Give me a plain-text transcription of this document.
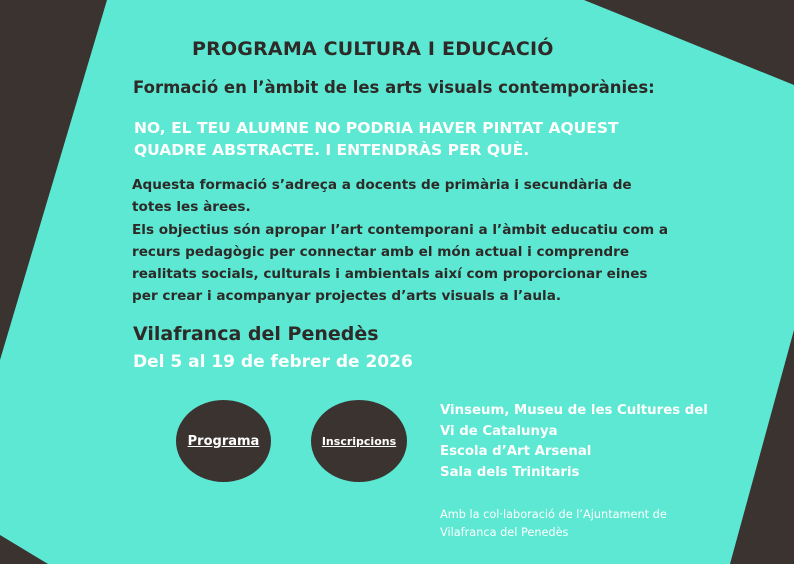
PROGRAMA CULTURA I EDUCACIÓ
Formació en l’àmbit de les arts visuals contemporànies:
NO, EL TEU ALUMNE NO PODRIA HAVER PINTAT AQUEST QUADRE ABSTRACTE. I ENTENDRÀS PER QUÈ.
Aquesta formació s’adreça a docents de primària i secundària de totes les àrees.
Els objectius són apropar l’art contemporani a l’àmbit educatiu com a recurs pedagògic per connectar amb el món actual i comprendre realitats socials, culturals i ambientals així com proporcionar eines per crear i acompanyar projectes d’arts visuals a l’aula.
Vilafranca del Penedès
Del 5 al 19 de febrer de 2026
Programa	Inscripcions
Vinseum, Museu de les Cultures del Vi de Catalunya
Escola d’Art Arsenal
Sala dels Trinitaris
Amb la col·laboració de l’Ajuntament de Vilafranca del Penedès
